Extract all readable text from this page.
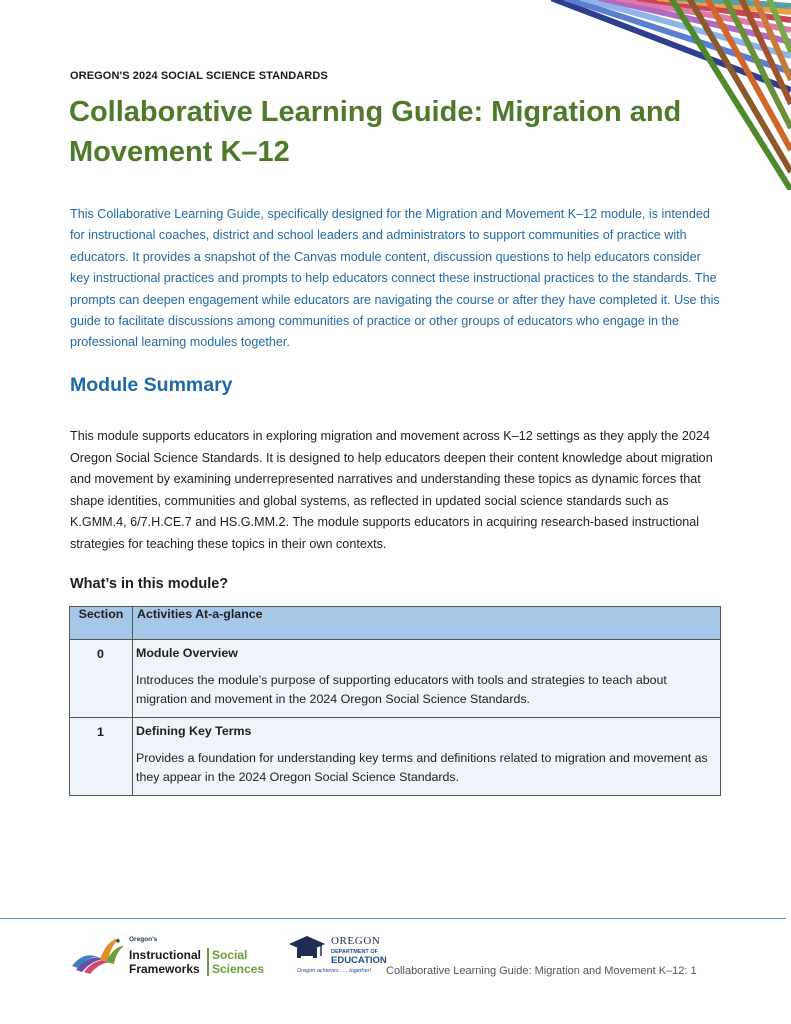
OREGON'S 2024 SOCIAL SCIENCE STANDARDS
Collaborative Learning Guide: Migration and Movement K–12

This Collaborative Learning Guide, specifically designed for the Migration and Movement K–12 module, is intended for instructional coaches, district and school leaders and administrators to support communities of practice with educators. It provides a snapshot of the Canvas module content, discussion questions to help educators consider key instructional practices and prompts to help educators connect these instructional practices to the standards. The prompts can deepen engagement while educators are navigating the course or after they have completed it. Use this guide to facilitate discussions among communities of practice or other groups of educators who engage in the professional learning modules together.

Module Summary

This module supports educators in exploring migration and movement across K–12 settings as they apply the 2024 Oregon Social Science Standards. It is designed to help educators deepen their content knowledge about migration and movement by examining underrepresented narratives and understanding these topics as dynamic forces that shape identities, communities and global systems, as reflected in updated social science standards such as K.GMM.4, 6/7.H.CE.7 and HS.G.MM.2. The module supports educators in acquiring research-based instructional strategies for teaching these topics in their own contexts.

What’s in this module?
Section	Activities At-a-glance
0	Module Overview
Introduces the module’s purpose of supporting educators with tools and strategies to teach about migration and movement in the 2024 Oregon Social Science Standards.

1	Defining Key Terms
Provides a foundation for understanding key terms and definitions related to migration and movement as they appear in the 2024 Oregon Social Science Standards.
Oregon's
Instructional
Frameworks
Social
Sciences
OREGON
DEPARTMENT OF
EDUCATION
Oregon achieves . . . together! Collaborative Learning Guide: Migration and Movement K–12: 1
